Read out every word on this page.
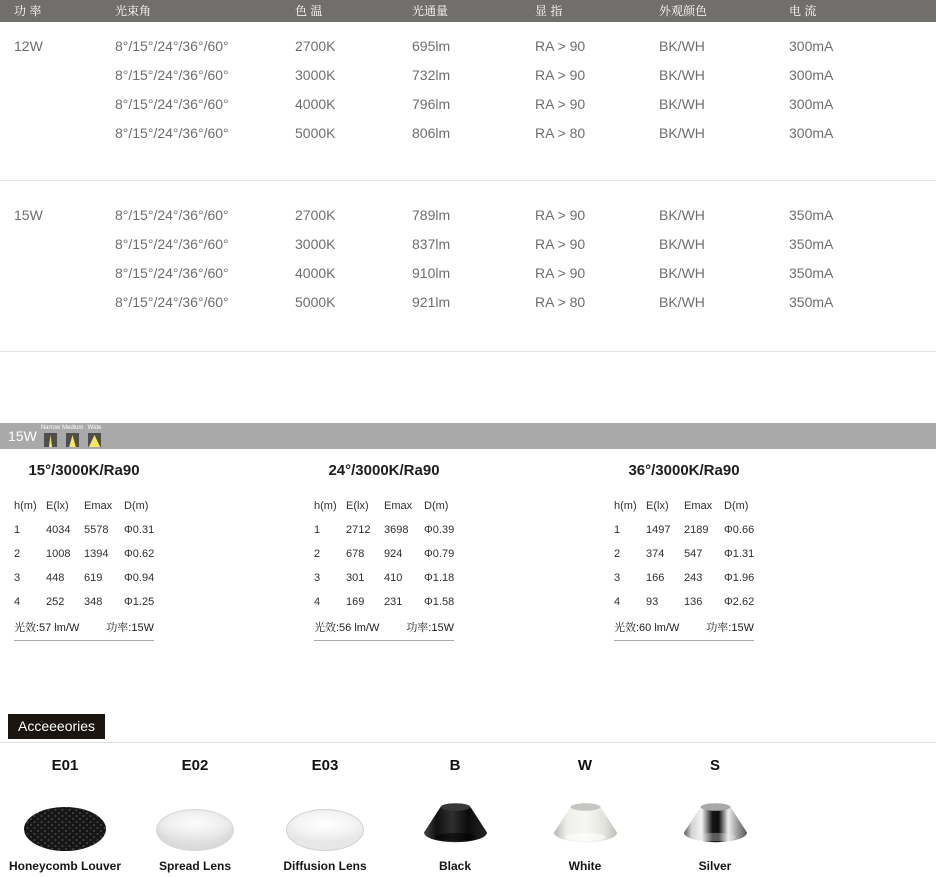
功 率	光束角	色 温	光通量	显 指	外观颜色	电 流
12W	8°/15°/24°/36°/60°	2700K	695lm	RA > 90	BK/WH	300mA
8°/15°/24°/36°/60°	3000K	732lm	RA > 90	BK/WH	300mA
8°/15°/24°/36°/60°	4000K	796lm	RA > 90	BK/WH	300mA
8°/15°/24°/36°/60°	5000K	806lm	RA > 80	BK/WH	300mA
15W	8°/15°/24°/36°/60°	2700K	789lm	RA > 90	BK/WH	350mA
8°/15°/24°/36°/60°	3000K	837lm	RA > 90	BK/WH	350mA
8°/15°/24°/36°/60°	4000K	910lm	RA > 90	BK/WH	350mA
8°/15°/24°/36°/60°	5000K	921lm	RA > 80	BK/WH	350mA
15W Narrow Medium Wide
15°/3000K/Ra90
h(m) E(lx)	Emax	D(m)
1	4034	5578	Φ0.31
2	1008	1394	Φ0.62
3	448	619	Φ0.94
4	252	348	Φ1.25
光效:57 lm/W 功率:15W
24°/3000K/Ra90
h(m) E(lx)	Emax	D(m)
1	2712	3698	Φ0.39
2	678	924	Φ0.79
3	301	410	Φ1.18
4	169	231	Φ1.58
光效:56 lm/W 功率:15W
36°/3000K/Ra90
h(m) E(lx)	Emax	D(m)
1	1497	2189	Φ0.66
2	374	547	Φ1.31
3	166	243	Φ1.96
4	93	136	Φ2.62
光效:60 lm/W 功率:15W
Acceeeories
E01
Honeycomb Louver
E02
Spread Lens
E03
Diffusion Lens
B
Black
W
White
S
Silver
